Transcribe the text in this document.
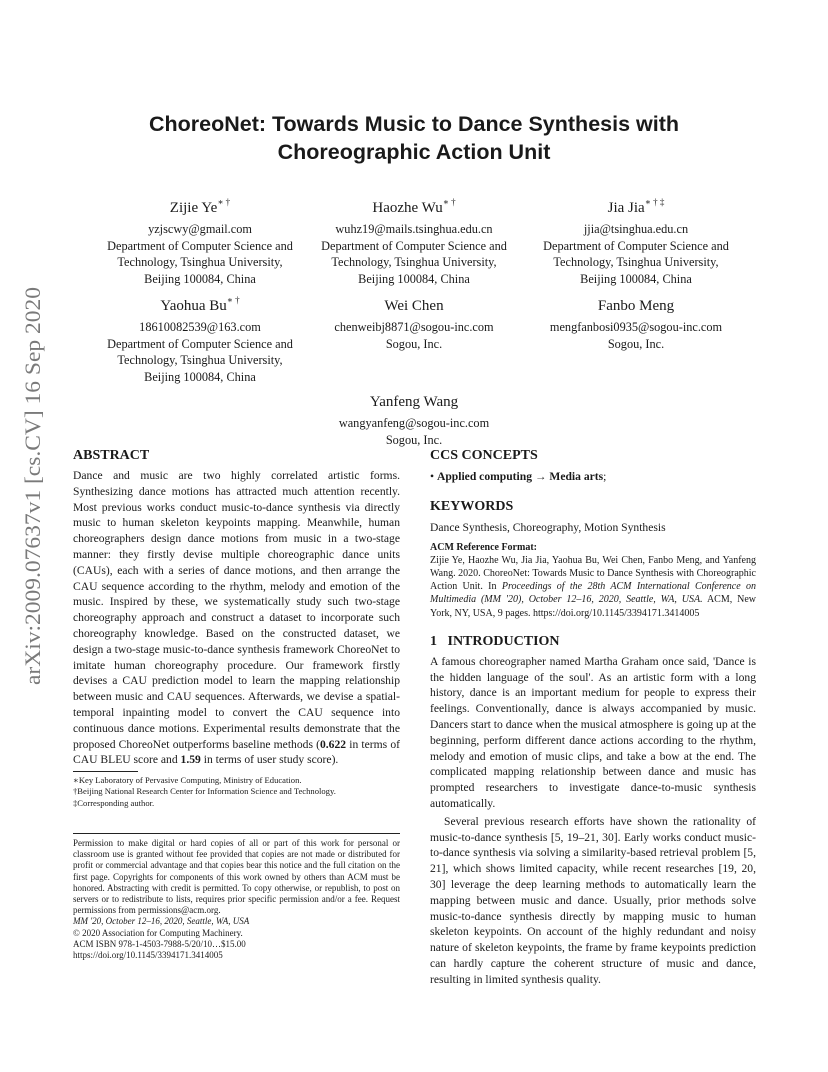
arXiv:2009.07637v1 [cs.CV] 16 Sep 2020
ChoreoNet: Towards Music to Dance Synthesis with
Choreographic Action Unit
Zijie Ye∗ †
yzjscwy@gmail.com
Department of Computer Science and
Technology, Tsinghua University,
Beijing 100084, China
Haozhe Wu∗ †
wuhz19@mails.tsinghua.edu.cn
Department of Computer Science and
Technology, Tsinghua University,
Beijing 100084, China
Jia Jia∗ † ‡
jjia@tsinghua.edu.cn
Department of Computer Science and
Technology, Tsinghua University,
Beijing 100084, China
Yaohua Bu∗ †
18610082539@163.com
Department of Computer Science and
Technology, Tsinghua University,
Beijing 100084, China
Wei Chen
chenweibj8871@sogou-inc.com
Sogou, Inc.
Fanbo Meng
mengfanbosi0935@sogou-inc.com
Sogou, Inc.
Yanfeng Wang
wangyanfeng@sogou-inc.com
Sogou, Inc.
ABSTRACT
Dance and music are two highly correlated artistic forms. Synthesizing dance motions has attracted much attention recently. Most previous works conduct music-to-dance synthesis via directly music to human skeleton keypoints mapping. Meanwhile, human choreographers design dance motions from music in a two-stage manner: they firstly devise multiple choreographic dance units (CAUs), each with a series of dance motions, and then arrange the CAU sequence according to the rhythm, melody and emotion of the music. Inspired by these, we systematically study such two-stage choreography approach and construct a dataset to incorporate such choreography knowledge. Based on the constructed dataset, we design a two-stage music-to-dance synthesis framework ChoreoNet to imitate human choreography procedure. Our framework firstly devises a CAU prediction model to learn the mapping relationship between music and CAU sequences. Afterwards, we devise a spatial-temporal inpainting model to convert the CAU sequence into continuous dance motions. Experimental results demonstrate that the proposed ChoreoNet outperforms baseline methods (0.622 in terms of CAU BLEU score and 1.59 in terms of user study score).
∗Key Laboratory of Pervasive Computing, Ministry of Education.
†Beijing National Research Center for Information Science and Technology.
‡Corresponding author.
Permission to make digital or hard copies of all or part of this work for personal or classroom use is granted without fee provided that copies are not made or distributed for profit or commercial advantage and that copies bear this notice and the full citation on the first page. Copyrights for components of this work owned by others than ACM must be honored. Abstracting with credit is permitted. To copy otherwise, or republish, to post on servers or to redistribute to lists, requires prior specific permission and/or a fee. Request permissions from permissions@acm.org.
MM '20, October 12–16, 2020, Seattle, WA, USA
© 2020 Association for Computing Machinery.
ACM ISBN 978-1-4503-7988-5/20/10…$15.00
https://doi.org/10.1145/3394171.3414005
CCS CONCEPTS
• Applied computing → Media arts;
KEYWORDS
Dance Synthesis, Choreography, Motion Synthesis
ACM Reference Format:
Zijie Ye, Haozhe Wu, Jia Jia, Yaohua Bu, Wei Chen, Fanbo Meng, and Yanfeng Wang. 2020. ChoreoNet: Towards Music to Dance Synthesis with Choreographic Action Unit. In Proceedings of the 28th ACM International Conference on Multimedia (MM '20), October 12–16, 2020, Seattle, WA, USA. ACM, New York, NY, USA, 9 pages. https://doi.org/10.1145/3394171.3414005
1   INTRODUCTION

A famous choreographer named Martha Graham once said, 'Dance is the hidden language of the soul'. As an artistic form with a long history, dance is an important medium for people to express their feelings. Conventionally, dance is always accompanied by music. Dancers start to dance when the musical atmosphere is going up at the beginning, perform different dance actions according to the rhythm, melody and emotion of music clips, and take a bow at the end. The complicated mapping relationship between dance and music has prompted researchers to investigate dance-to-music synthesis automatically.

Several previous research efforts have shown the rationality of music-to-dance synthesis [5, 19–21, 30]. Early works conduct music-to-dance synthesis via solving a similarity-based retrieval problem [5, 21], which shows limited capacity, while recent researches [19, 20, 30] leverage the deep learning methods to automatically learn the mapping between music and dance. Usually, prior methods solve music-to-dance synthesis directly by mapping music to human skeleton keypoints. On account of the highly redundant and noisy nature of skeleton keypoints, the frame by frame keypoints prediction can hardly capture the coherent structure of music and dance, resulting in limited synthesis quality.
